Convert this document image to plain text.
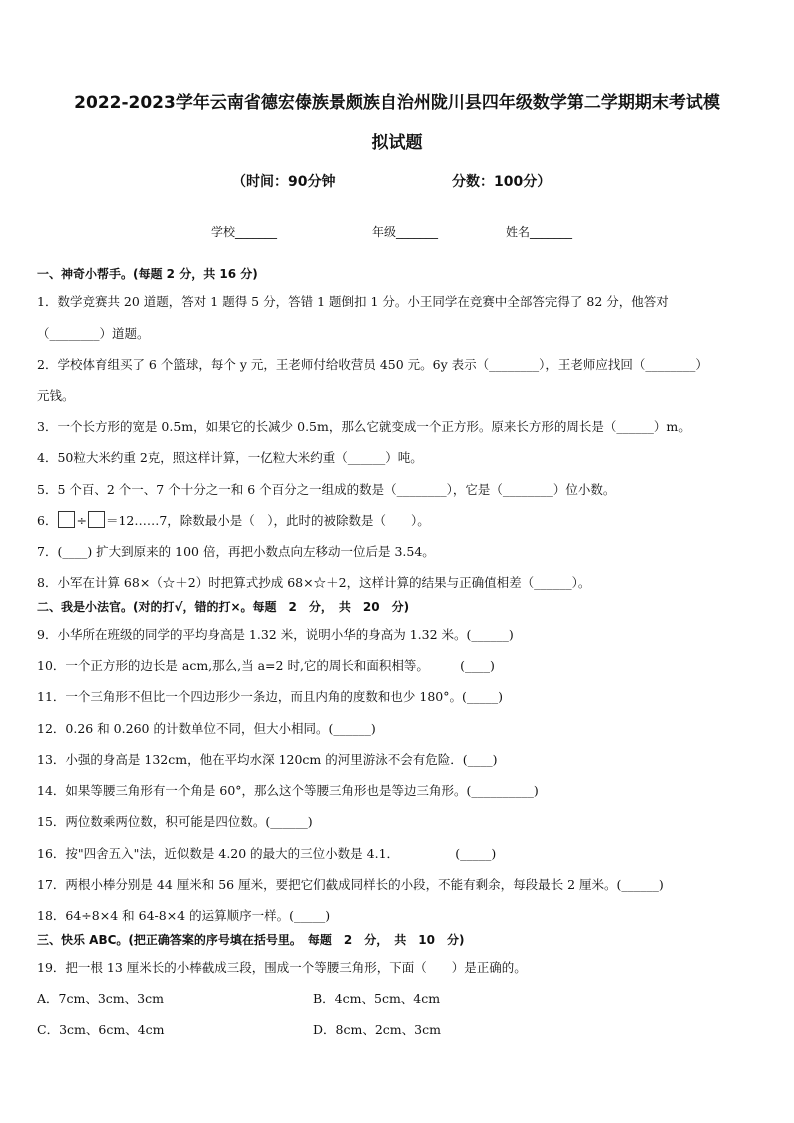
2022-2023学年云南省德宏傣族景颇族自治州陇川县四年级数学第二学期期末考试模
拟试题
（时间：90分钟	分数：100分）
学校_______	年级_______	姓名_______
一、神奇小帮手。(每题 2 分，共 16 分)
1．数学竞赛共 20 道题，答对 1 题得 5 分，答错 1 题倒扣 1 分。小王同学在竞赛中全部答完得了 82 分，他答对
（________）道题。
2．学校体育组买了 6 个篮球，每个 y 元，王老师付给收营员 450 元。6y 表示（________），王老师应找回（________）
元钱。
3．一个长方形的宽是 0.5m，如果它的长减少 0.5m，那么它就变成一个正方形。原来长方形的周长是（______）m。
4．50粒大米约重 2克，照这样计算，一亿粒大米约重（______）吨。
5．5 个百、2 个一、7 个十分之一和 6 个百分之一组成的数是（________），它是（________）位小数。
6． ÷ ＝12……7，除数最小是（　），此时的被除数是（　　）。
7．(____) 扩大到原来的 100 倍，再把小数点向左移动一位后是 3.54。
8．小军在计算 68×（☆＋2）时把算式抄成 68×☆＋2，这样计算的结果与正确值相差（______）。
二、我是小法官。(对的打√，错的打×。每题　2　分，　共　20　分)
9．小华所在班级的同学的平均身高是 1.32 米，说明小华的身高为 1.32 米。(______)
10．一个正方形的边长是 acm,那么,当 a=2 时,它的周长和面积相等。　　　(____)
11．一个三角形不但比一个四边形少一条边，而且内角的度数和也少 180°。(_____)
12．0.26 和 0.260 的计数单位不同，但大小相同。(______)
13．小强的身高是 132cm，他在平均水深 120cm 的河里游泳不会有危险．(____)
14．如果等腰三角形有一个角是 60°，那么这个等腰三角形也是等边三角形。(__________)
15．两位数乘两位数，积可能是四位数。(______)
16．按"四舍五入"法，近似数是 4.20 的最大的三位小数是 4.1．　　　　　(_____)
17．两根小棒分别是 44 厘米和 56 厘米，要把它们截成同样长的小段，不能有剩余，每段最长 2 厘米。(______)
18．64÷8×4 和 64-8×4 的运算顺序一样。(_____)
三、快乐 ABC。(把正确答案的序号填在括号里。　每题　2　分，　共　10　分)
19．把一根 13 厘米长的小棒截成三段，围成一个等腰三角形，下面（　　）是正确的。
A．7cm、3cm、3cm	B．4cm、5cm、4cm
C．3cm、6cm、4cm	D．8cm、2cm、3cm
